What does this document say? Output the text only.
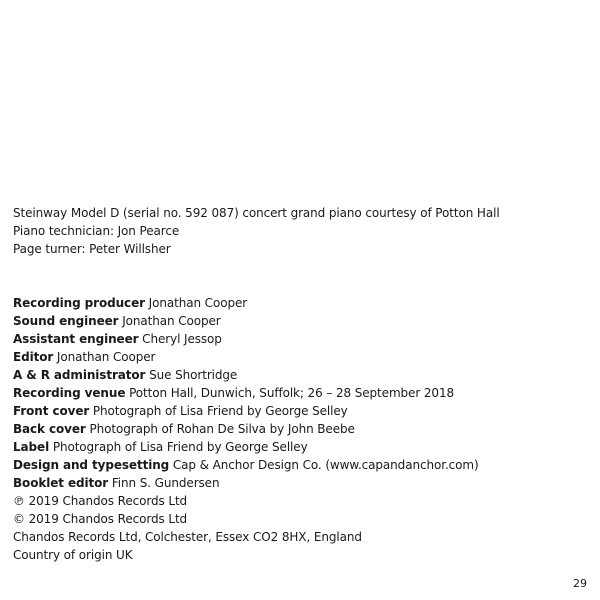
Steinway Model D (serial no. 592 087) concert grand piano courtesy of Potton Hall
Piano technician: Jon Pearce
Page turner: Peter Willsher
Recording producer Jonathan Cooper
Sound engineer Jonathan Cooper
Assistant engineer Cheryl Jessop
Editor Jonathan Cooper
A & R administrator Sue Shortridge
Recording venue Potton Hall, Dunwich, Suffolk; 26 – 28 September 2018
Front cover Photograph of Lisa Friend by George Selley
Back cover Photograph of Rohan De Silva by John Beebe
Label Photograph of Lisa Friend by George Selley
Design and typesetting Cap & Anchor Design Co. (www.capandanchor.com)
Booklet editor Finn S. Gundersen
℗ 2019 Chandos Records Ltd
© 2019 Chandos Records Ltd
Chandos Records Ltd, Colchester, Essex CO2 8HX, England
Country of origin UK
29
